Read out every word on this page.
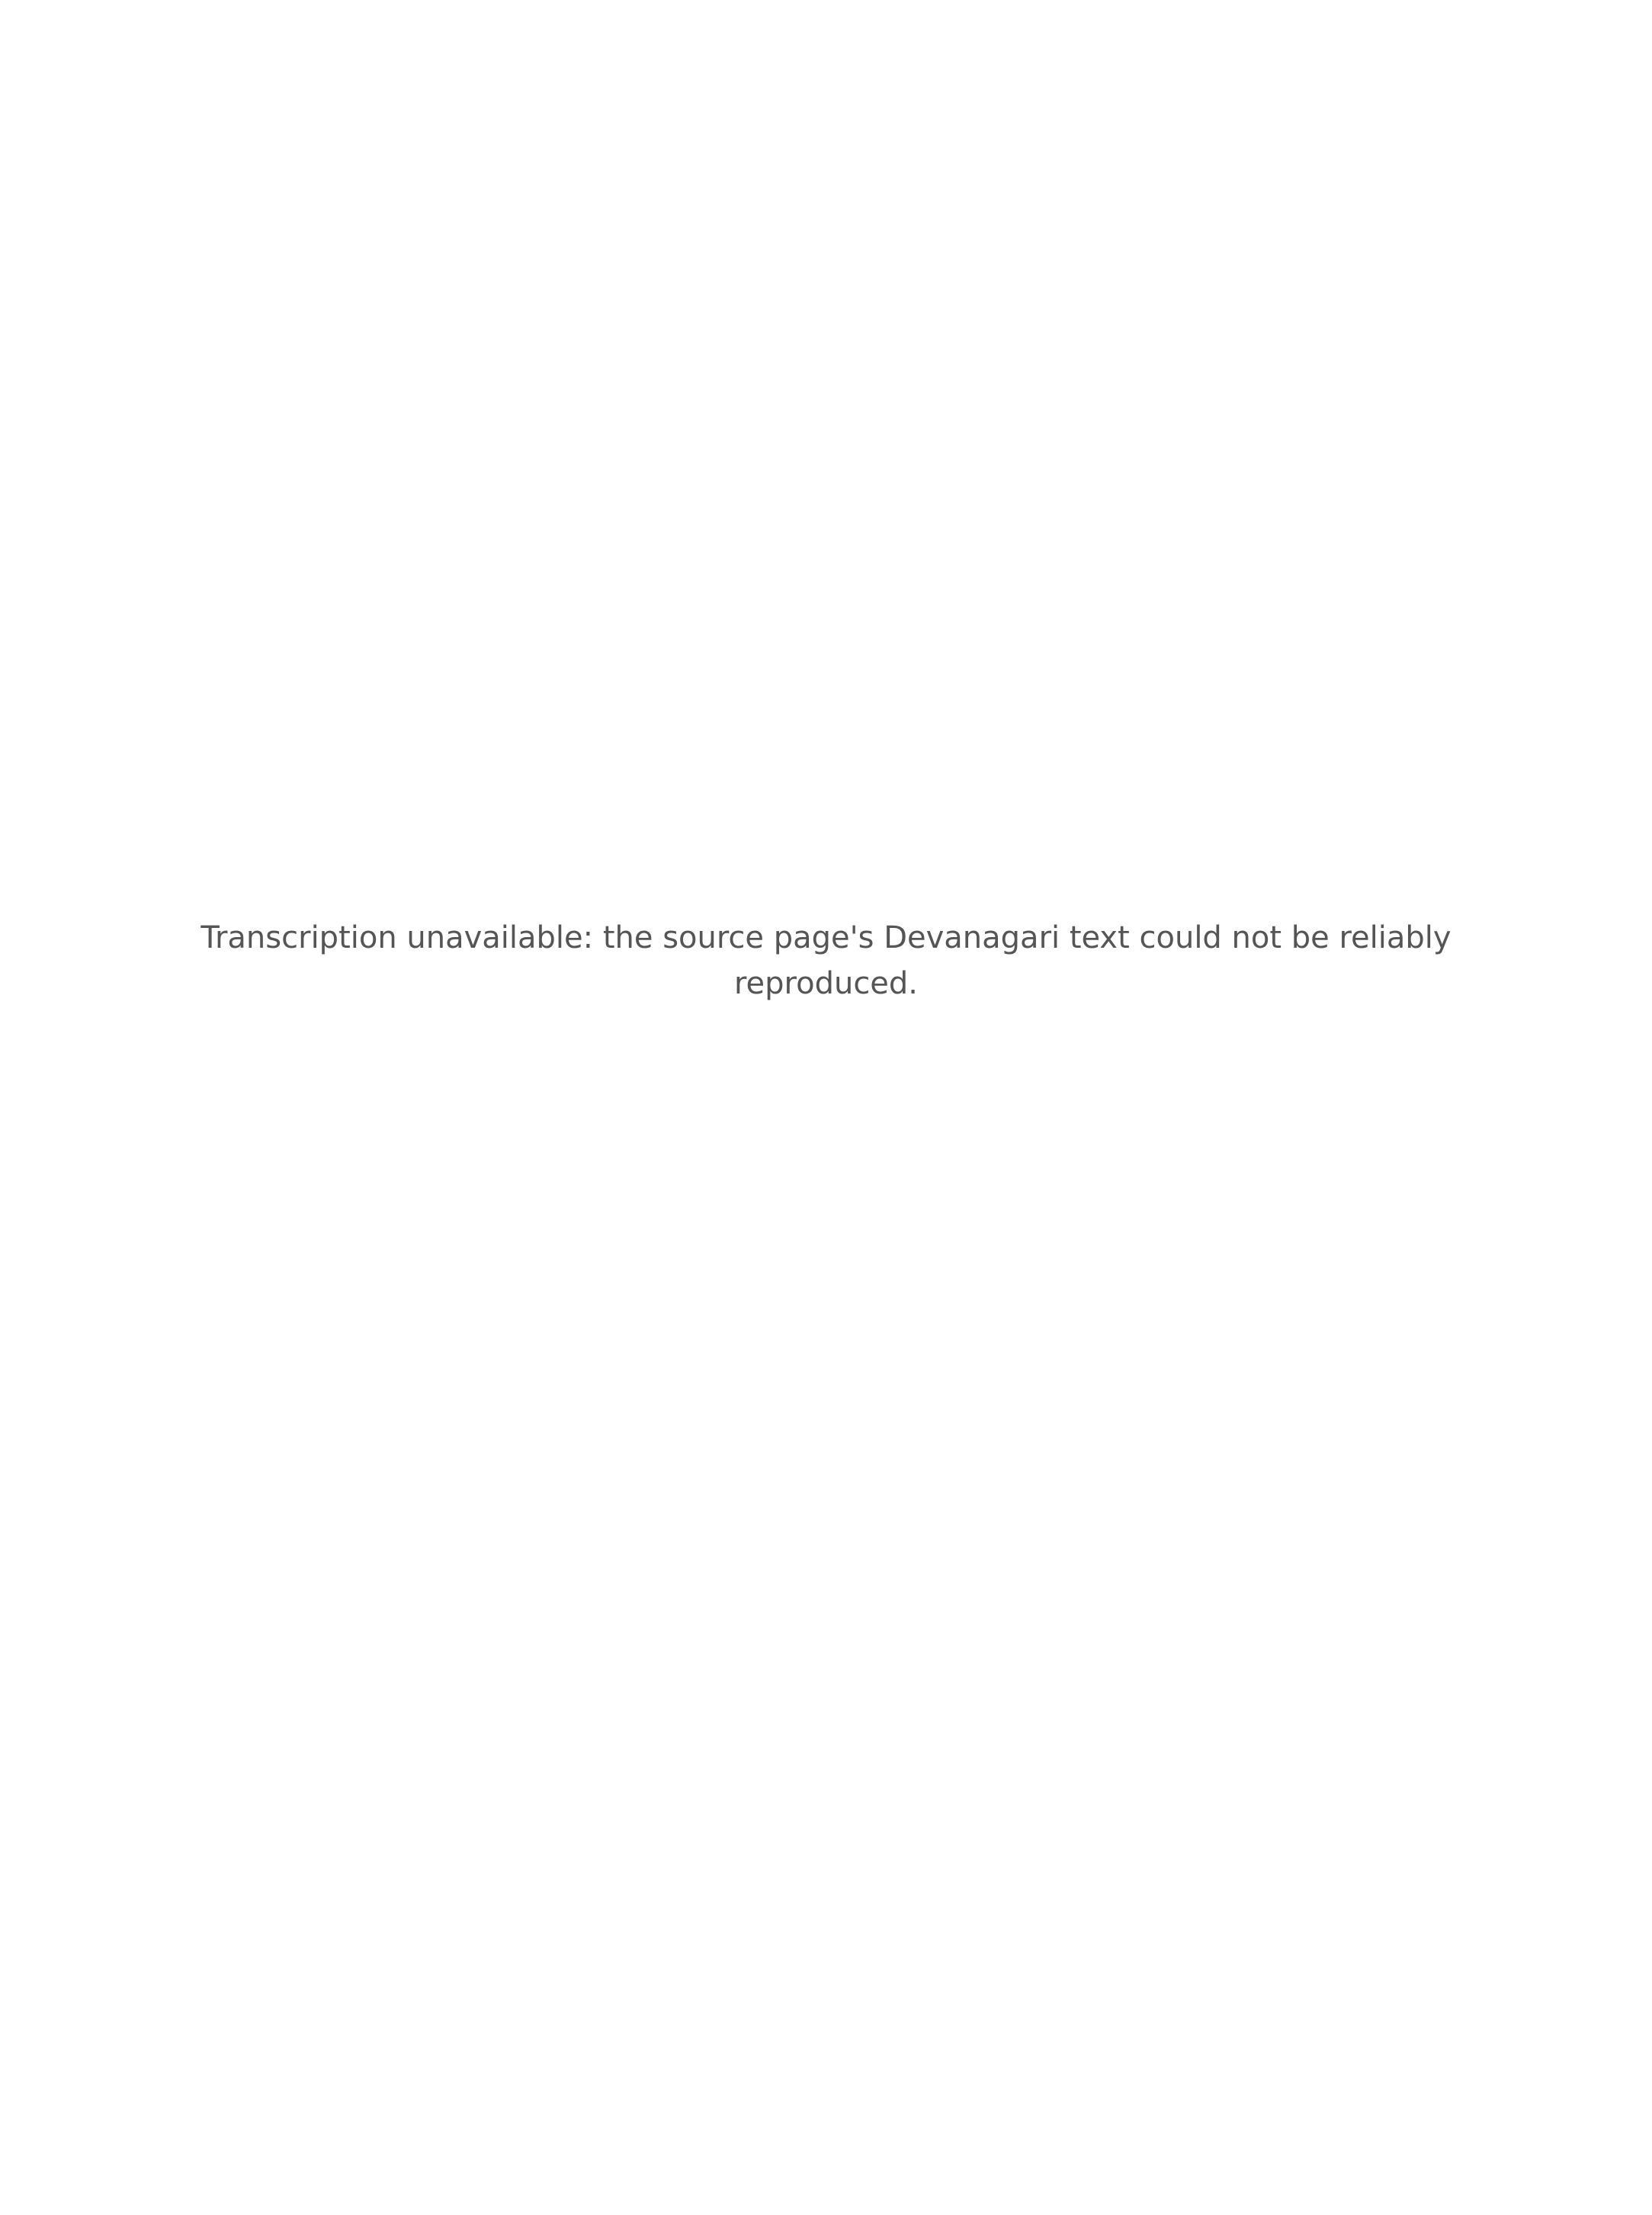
Transcription unavailable: the source page's Devanagari text could not be reliably reproduced.
